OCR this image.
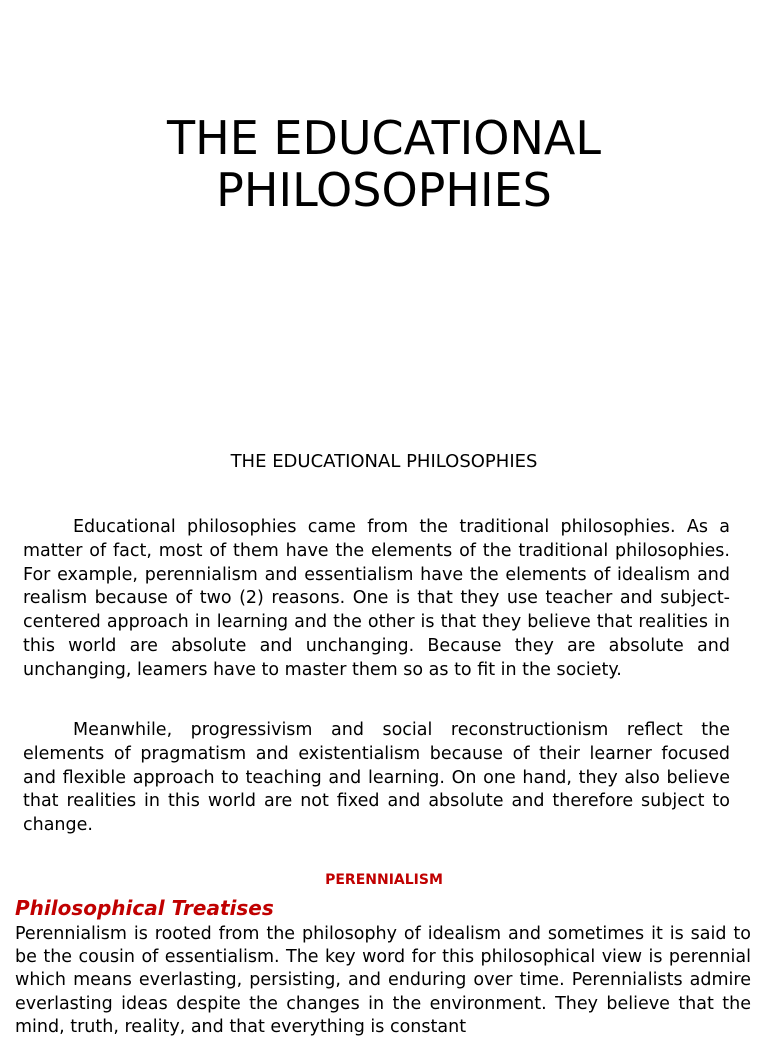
THE EDUCATIONAL
PHILOSOPHIES
THE EDUCATIONAL PHILOSOPHIES

Educational philosophies came from the traditional philosophies. As a matter of fact, most of them have the elements of the traditional philosophies. For example, perennialism and essentialism have the elements of idealism and realism because of two (2) reasons. One is that they use teacher and subject-centered approach in learning and the other is that they believe that realities in this world are absolute and unchanging. Because they are absolute and unchanging, leamers have to master them so as to fit in the society.

Meanwhile, progressivism and social reconstructionism reflect the elements of pragmatism and existentialism because of their learner focused and flexible approach to teaching and learning. On one hand, they also believe that realities in this world are not fixed and absolute and therefore subject to change.

PERENNIALISM
Philosophical Treatises

Perennialism is rooted from the philosophy of idealism and sometimes it is said to be the cousin of essentialism. The key word for this philosophical view is perennial which means everlasting, persisting, and enduring over time. Perennialists admire everlasting ideas despite the changes in the environment. They believe that the mind, truth, reality, and that everything is constant
